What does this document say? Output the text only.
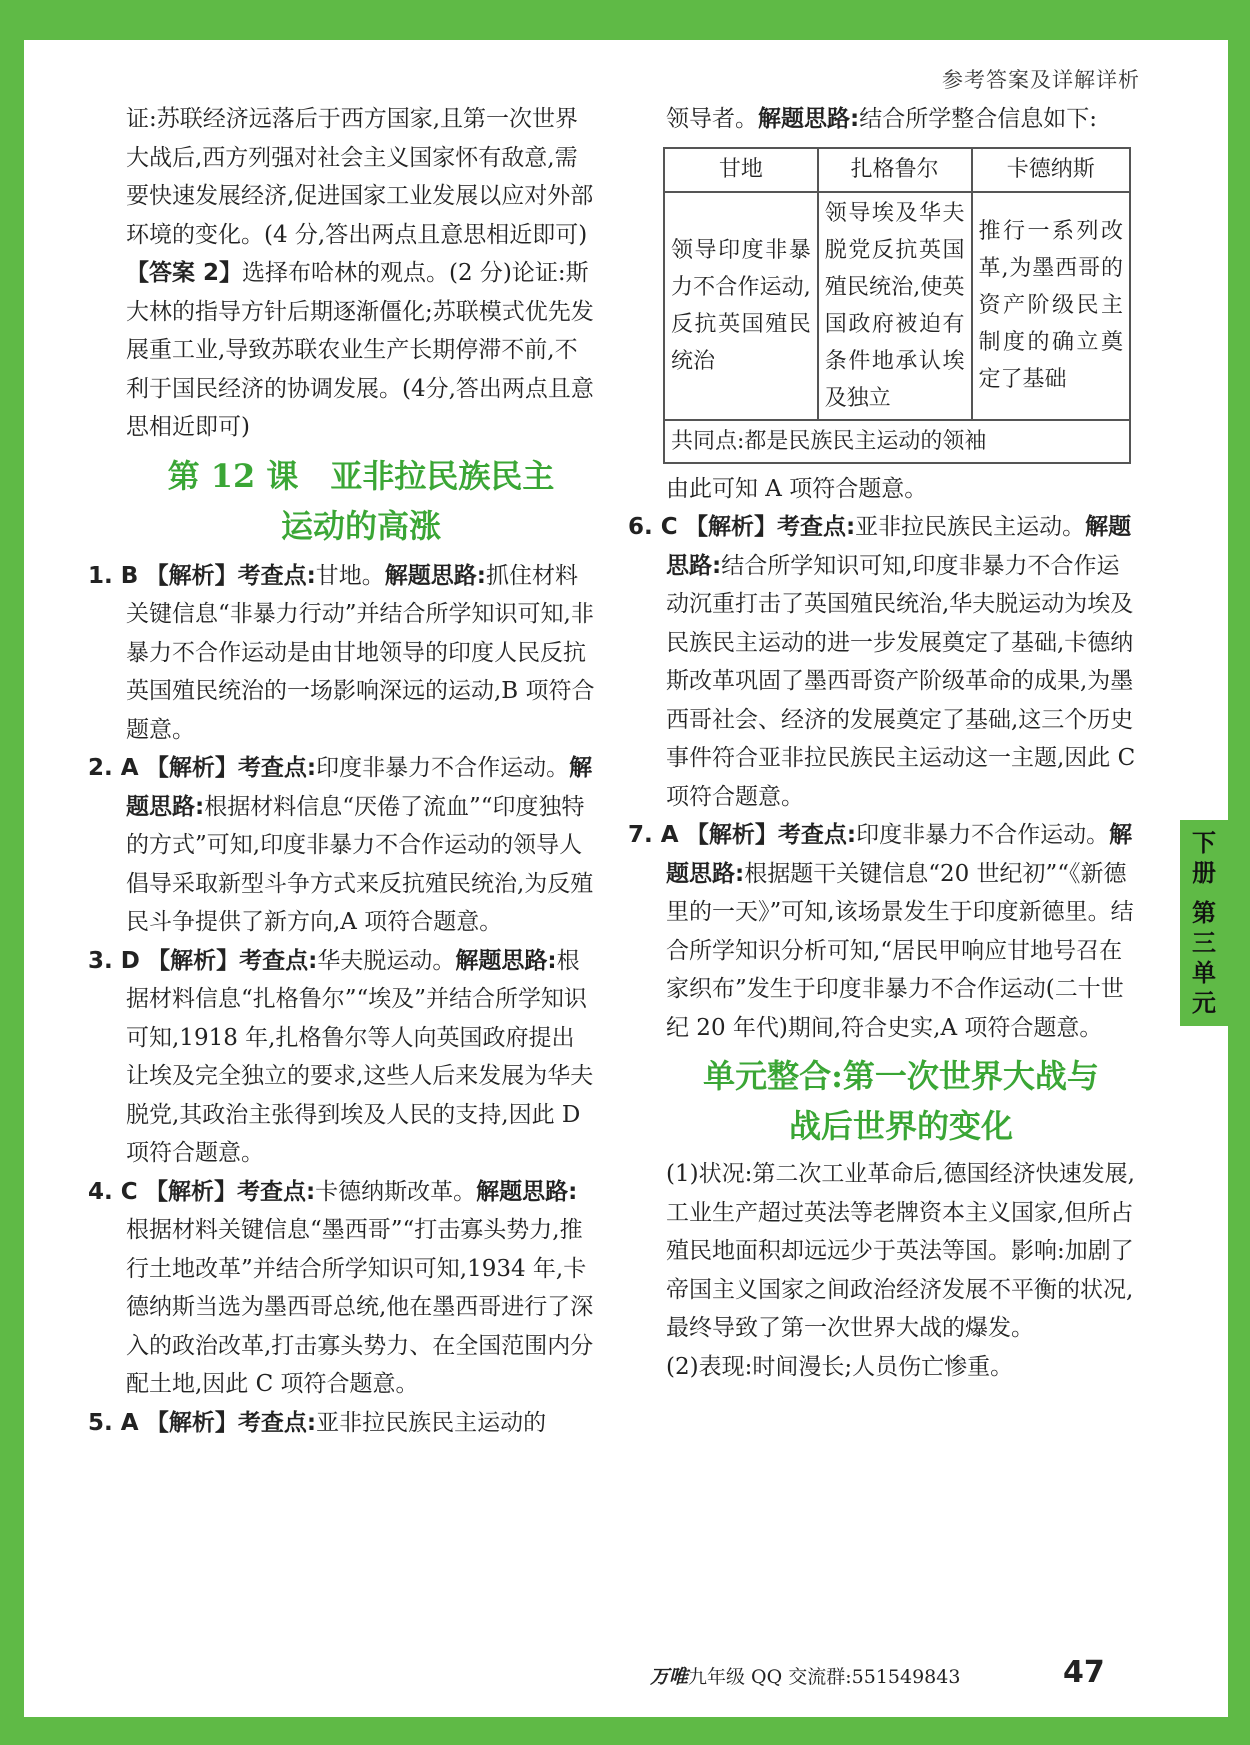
参考答案及详解详析

证:苏联经济远落后于西方国家,且第一次世界大战后,西方列强对社会主义国家怀有敌意,需要快速发展经济,促进国家工业发展以应对外部环境的变化。(4 分,答出两点且意思相近即可)

【答案 2】选择布哈林的观点。(2 分)论证:斯大林的指导方针后期逐渐僵化;苏联模式优先发展重工业,导致苏联农业生产长期停滞不前,不利于国民经济的协调发展。(4分,答出两点且意思相近即可)

第 12 课　亚非拉民族民主
运动的高涨

1. B 【解析】考查点:甘地。解题思路:抓住材料关键信息“非暴力行动”并结合所学知识可知,非暴力不合作运动是由甘地领导的印度人民反抗英国殖民统治的一场影响深远的运动,B 项符合题意。

2. A 【解析】考查点:印度非暴力不合作运动。解题思路:根据材料信息“厌倦了流血”“印度独特的方式”可知,印度非暴力不合作运动的领导人倡导采取新型斗争方式来反抗殖民统治,为反殖民斗争提供了新方向,A 项符合题意。

3. D 【解析】考查点:华夫脱运动。解题思路:根据材料信息“扎格鲁尔”“埃及”并结合所学知识可知,1918 年,扎格鲁尔等人向英国政府提出让埃及完全独立的要求,这些人后来发展为华夫脱党,其政治主张得到埃及人民的支持,因此 D 项符合题意。

4. C 【解析】考查点:卡德纳斯改革。解题思路:根据材料关键信息“墨西哥”“打击寡头势力,推行土地改革”并结合所学知识可知,1934 年,卡德纳斯当选为墨西哥总统,他在墨西哥进行了深入的政治改革,打击寡头势力、在全国范围内分配土地,因此 C 项符合题意。

5. A 【解析】考查点:亚非拉民族民主运动的

领导者。解题思路:结合所学整合信息如下:

甘地	扎格鲁尔	卡德纳斯
领导印度非暴力不合作运动,反抗英国殖民统治	领导埃及华夫脱党反抗英国殖民统治,使英国政府被迫有条件地承认埃及独立	推行一系列改革,为墨西哥的资产阶级民主制度的确立奠定了基础
共同点:都是民族民主运动的领袖		

由此可知 A 项符合题意。

6. C 【解析】考查点:亚非拉民族民主运动。解题思路:结合所学知识可知,印度非暴力不合作运动沉重打击了英国殖民统治,华夫脱运动为埃及民族民主运动的进一步发展奠定了基础,卡德纳斯改革巩固了墨西哥资产阶级革命的成果,为墨西哥社会、经济的发展奠定了基础,这三个历史事件符合亚非拉民族民主运动这一主题,因此 C 项符合题意。

7. A 【解析】考查点:印度非暴力不合作运动。解题思路:根据题干关键信息“20 世纪初”“《新德里的一天》”可知,该场景发生于印度新德里。结合所学知识分析可知,“居民甲响应甘地号召在家织布”发生于印度非暴力不合作运动(二十世纪 20 年代)期间,符合史实,A 项符合题意。

单元整合:第一次世界大战与
战后世界的变化

(1)状况:第二次工业革命后,德国经济快速发展,工业生产超过英法等老牌资本主义国家,但所占殖民地面积却远远少于英法等国。影响:加剧了帝国主义国家之间政治经济发展不平衡的状况,最终导致了第一次世界大战的爆发。

(2)表现:时间漫长;人员伤亡惨重。

下
册
第
三
单
元
万唯九年级 QQ 交流群:551549843	47
